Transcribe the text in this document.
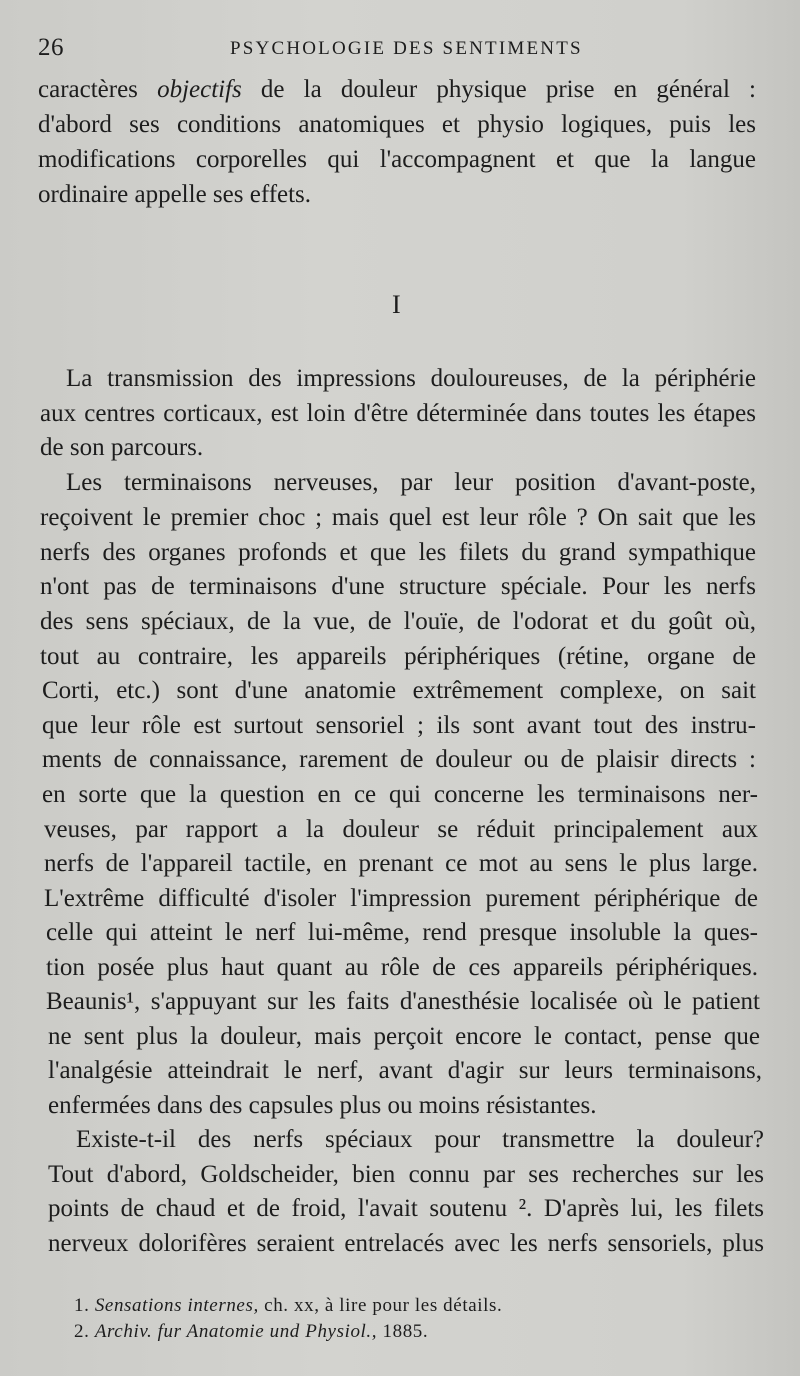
26	PSYCHOLOGIE DES SENTIMENTS
caractères objectifs de la douleur physique prise en général :
d'abord ses conditions anatomiques et physio logiques, puis les
modifications corporelles qui l'accompagnent et que la langue
ordinaire appelle ses effets.
I
La transmission des impressions douloureuses, de la périphérie
aux centres corticaux, est loin d'être déterminée dans toutes les étapes
de son parcours.
Les terminaisons nerveuses, par leur position d'avant-poste,
reçoivent le premier choc ; mais quel est leur rôle ? On sait que les
nerfs des organes profonds et que les filets du grand sympathique
n'ont pas de terminaisons d'une structure spéciale. Pour les nerfs
des sens spéciaux, de la vue, de l'ouïe, de l'odorat et du goût où,
tout au contraire, les appareils périphériques (rétine, organe de
Corti, etc.) sont d'une anatomie extrêmement complexe, on sait
que leur rôle est surtout sensoriel ; ils sont avant tout des instru-
ments de connaissance, rarement de douleur ou de plaisir directs :
en sorte que la question en ce qui concerne les terminaisons ner-
veuses, par rapport a la douleur se réduit principalement aux
nerfs de l'appareil tactile, en prenant ce mot au sens le plus large.
L'extrême difficulté d'isoler l'impression purement périphérique de
celle qui atteint le nerf lui-même, rend presque insoluble la ques-
tion posée plus haut quant au rôle de ces appareils périphériques.
Beaunis¹, s'appuyant sur les faits d'anesthésie localisée où le patient
ne sent plus la douleur, mais perçoit encore le contact, pense que
l'analgésie atteindrait le nerf, avant d'agir sur leurs terminaisons,
enfermées dans des capsules plus ou moins résistantes.
Existe-t-il des nerfs spéciaux pour transmettre la douleur?
Tout d'abord, Goldscheider, bien connu par ses recherches sur les
points de chaud et de froid, l'avait soutenu ². D'après lui, les filets
nerveux dolorifères seraient entrelacés avec les nerfs sensoriels, plus
1. Sensations internes, ch. xx, à lire pour les détails.
2. Archiv. fur Anatomie und Physiol., 1885.
